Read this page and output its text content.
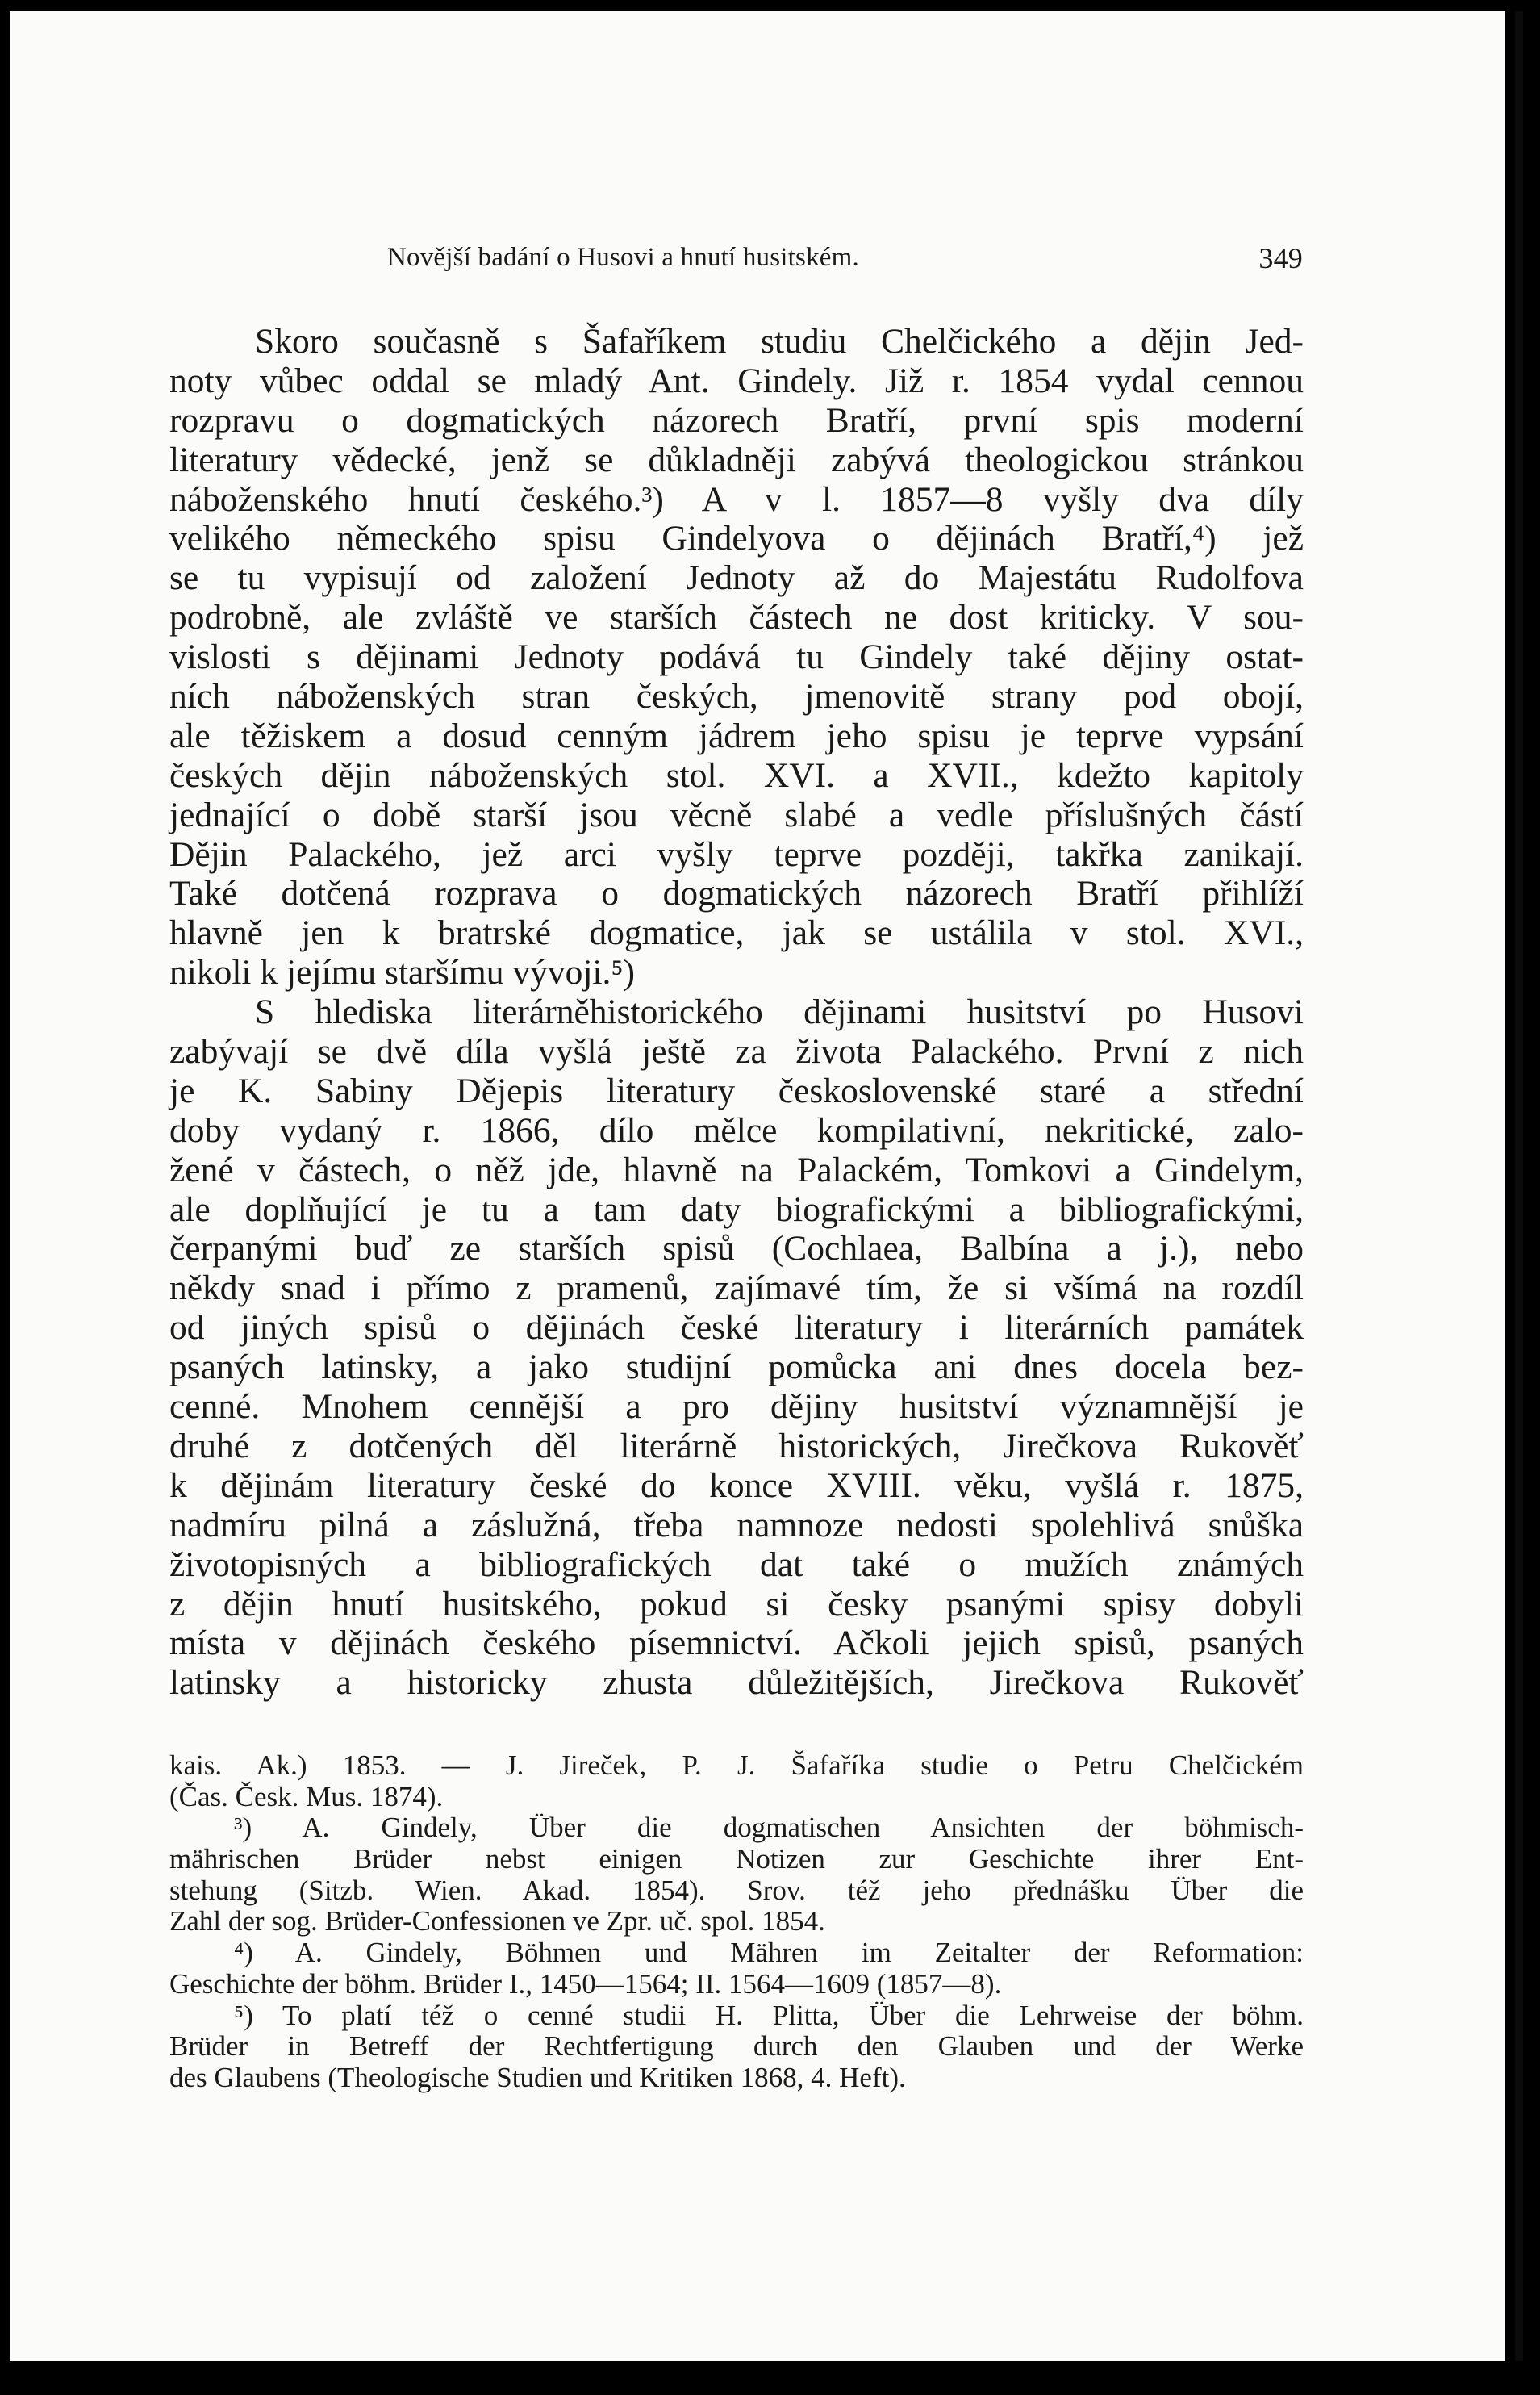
Novější badání o Husovi a hnutí husitském.	349
Skoro současně s Šafaříkem studiu Chelčického a dějin Jed-
noty vůbec oddal se mladý Ant. Gindely. Již r. 1854 vydal cennou
rozpravu o dogmatických názorech Bratří, první spis moderní
literatury vědecké, jenž se důkladněji zabývá theologickou stránkou
náboženského hnutí českého.³) A v l. 1857—8 vyšly dva díly
velikého německého spisu Gindelyova o dějinách Bratří,⁴) jež
se tu vypisují od založení Jednoty až do Majestátu Rudolfova
podrobně, ale zvláště ve starších částech ne dost kriticky. V sou-
vislosti s dějinami Jednoty podává tu Gindely také dějiny ostat-
ních náboženských stran českých, jmenovitě strany pod obojí,
ale těžiskem a dosud cenným jádrem jeho spisu je teprve vypsání
českých dějin náboženských stol. XVI. a XVII., kdežto kapitoly
jednající o době starší jsou věcně slabé a vedle příslušných částí
Dějin Palackého, jež arci vyšly teprve později, takřka zanikají.
Také dotčená rozprava o dogmatických názorech Bratří přihlíží
hlavně jen k bratrské dogmatice, jak se ustálila v stol. XVI.,
nikoli k jejímu staršímu vývoji.⁵)
S hlediska literárněhistorického dějinami husitství po Husovi
zabývají se dvě díla vyšlá ještě za života Palackého. První z nich
je K. Sabiny Dějepis literatury československé staré a střední
doby vydaný r. 1866, dílo mělce kompilativní, nekritické, zalo-
žené v částech, o něž jde, hlavně na Palackém, Tomkovi a Gindelym,
ale doplňující je tu a tam daty biografickými a bibliografickými,
čerpanými buď ze starších spisů (Cochlaea, Balbína a j.), nebo
někdy snad i přímo z pramenů, zajímavé tím, že si všímá na rozdíl
od jiných spisů o dějinách české literatury i literárních památek
psaných latinsky, a jako studijní pomůcka ani dnes docela bez-
cenné. Mnohem cennější a pro dějiny husitství významnější je
druhé z dotčených děl literárně historických, Jirečkova Rukověť
k dějinám literatury české do konce XVIII. věku, vyšlá r. 1875,
nadmíru pilná a záslužná, třeba namnoze nedosti spolehlivá snůška
životopisných a bibliografických dat také o mužích známých
z dějin hnutí husitského, pokud si česky psanými spisy dobyli
místa v dějinách českého písemnictví. Ačkoli jejich spisů, psaných
latinsky a historicky zhusta důležitějších, Jirečkova Rukověť
kais. Ak.) 1853. — J. Jireček, P. J. Šafaříka studie o Petru Chelčickém
(Čas. Česk. Mus. 1874).
³) A. Gindely, Über die dogmatischen Ansichten der böhmisch-
mährischen Brüder nebst einigen Notizen zur Geschichte ihrer Ent-
stehung (Sitzb. Wien. Akad. 1854). Srov. též jeho přednášku Über die
Zahl der sog. Brüder-Confessionen ve Zpr. uč. spol. 1854.
⁴) A. Gindely, Böhmen und Mähren im Zeitalter der Reformation:
Geschichte der böhm. Brüder I., 1450—1564; II. 1564—1609 (1857—8).
⁵) To platí též o cenné studii H. Plitta, Über die Lehrweise der böhm.
Brüder in Betreff der Rechtfertigung durch den Glauben und der Werke
des Glaubens (Theologische Studien und Kritiken 1868, 4. Heft).
